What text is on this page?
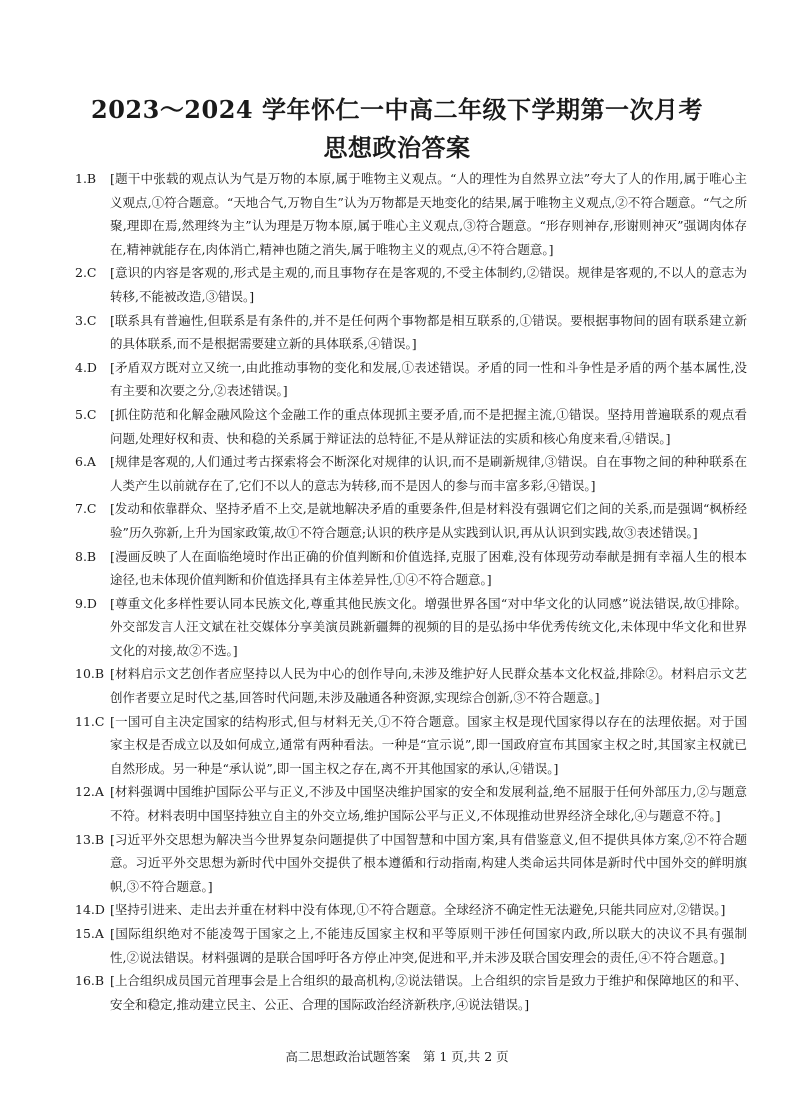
2023～2024 学年怀仁一中高二年级下学期第一次月考
思想政治答案
1.B [题干中张载的观点认为气是万物的本原,属于唯物主义观点。“人的理性为自然界立法”夸大了人的作用,属于唯心主义观点,①符合题意。“天地合气,万物自生”认为万物都是天地变化的结果,属于唯物主义观点,②不符合题意。“气之所聚,理即在焉,然理终为主”认为理是万物本原,属于唯心主义观点,③符合题意。“形存则神存,形谢则神灭”强调肉体存在,精神就能存在,肉体消亡,精神也随之消失,属于唯物主义的观点,④不符合题意。]
2.C [意识的内容是客观的,形式是主观的,而且事物存在是客观的,不受主体制约,②错误。规律是客观的,不以人的意志为转移,不能被改造,③错误。]
3.C [联系具有普遍性,但联系是有条件的,并不是任何两个事物都是相互联系的,①错误。要根据事物间的固有联系建立新的具体联系,而不是根据需要建立新的具体联系,④错误。]
4.D [矛盾双方既对立又统一,由此推动事物的变化和发展,①表述错误。矛盾的同一性和斗争性是矛盾的两个基本属性,没有主要和次要之分,②表述错误。]
5.C [抓住防范和化解金融风险这个金融工作的重点体现抓主要矛盾,而不是把握主流,①错误。坚持用普遍联系的观点看问题,处理好权和责、快和稳的关系属于辩证法的总特征,不是从辩证法的实质和核心角度来看,④错误。]
6.A [规律是客观的,人们通过考古探索将会不断深化对规律的认识,而不是刷新规律,③错误。自在事物之间的种种联系在人类产生以前就存在了,它们不以人的意志为转移,而不是因人的参与而丰富多彩,④错误。]
7.C [发动和依靠群众、坚持矛盾不上交,是就地解决矛盾的重要条件,但是材料没有强调它们之间的关系,而是强调“枫桥经验”历久弥新,上升为国家政策,故①不符合题意;认识的秩序是从实践到认识,再从认识到实践,故③表述错误。]
8.B [漫画反映了人在面临绝境时作出正确的价值判断和价值选择,克服了困难,没有体现劳动奉献是拥有幸福人生的根本途径,也未体现价值判断和价值选择具有主体差异性,①④不符合题意。]
9.D [尊重文化多样性要认同本民族文化,尊重其他民族文化。增强世界各国“对中华文化的认同感”说法错误,故①排除。外交部发言人汪文斌在社交媒体分享美演员跳新疆舞的视频的目的是弘扬中华优秀传统文化,未体现中华文化和世界文化的对接,故②不选。]
10.B [材料启示文艺创作者应坚持以人民为中心的创作导向,未涉及维护好人民群众基本文化权益,排除②。材料启示文艺创作者要立足时代之基,回答时代问题,未涉及融通各种资源,实现综合创新,③不符合题意。]
11.C [一国可自主决定国家的结构形式,但与材料无关,①不符合题意。国家主权是现代国家得以存在的法理依据。对于国家主权是否成立以及如何成立,通常有两种看法。一种是“宣示说”,即一国政府宣布其国家主权之时,其国家主权就已自然形成。另一种是“承认说”,即一国主权之存在,离不开其他国家的承认,④错误。]
12.A [材料强调中国维护国际公平与正义,不涉及中国坚决维护国家的安全和发展利益,绝不屈服于任何外部压力,②与题意不符。材料表明中国坚持独立自主的外交立场,维护国际公平与正义,不体现推动世界经济全球化,④与题意不符。]
13.B [习近平外交思想为解决当今世界复杂问题提供了中国智慧和中国方案,具有借鉴意义,但不提供具体方案,②不符合题意。习近平外交思想为新时代中国外交提供了根本遵循和行动指南,构建人类命运共同体是新时代中国外交的鲜明旗帜,③不符合题意。]
14.D [坚持引进来、走出去并重在材料中没有体现,①不符合题意。全球经济不确定性无法避免,只能共同应对,②错误。]
15.A [国际组织绝对不能凌驾于国家之上,不能违反国家主权和平等原则干涉任何国家内政,所以联大的决议不具有强制性,②说法错误。材料强调的是联合国呼吁各方停止冲突,促进和平,并未涉及联合国安理会的责任,④不符合题意。]
16.B [上合组织成员国元首理事会是上合组织的最高机构,②说法错误。上合组织的宗旨是致力于维护和保障地区的和平、安全和稳定,推动建立民主、公正、合理的国际政治经济新秩序,④说法错误。]
高二思想政治试题答案　第 1 页,共 2 页
